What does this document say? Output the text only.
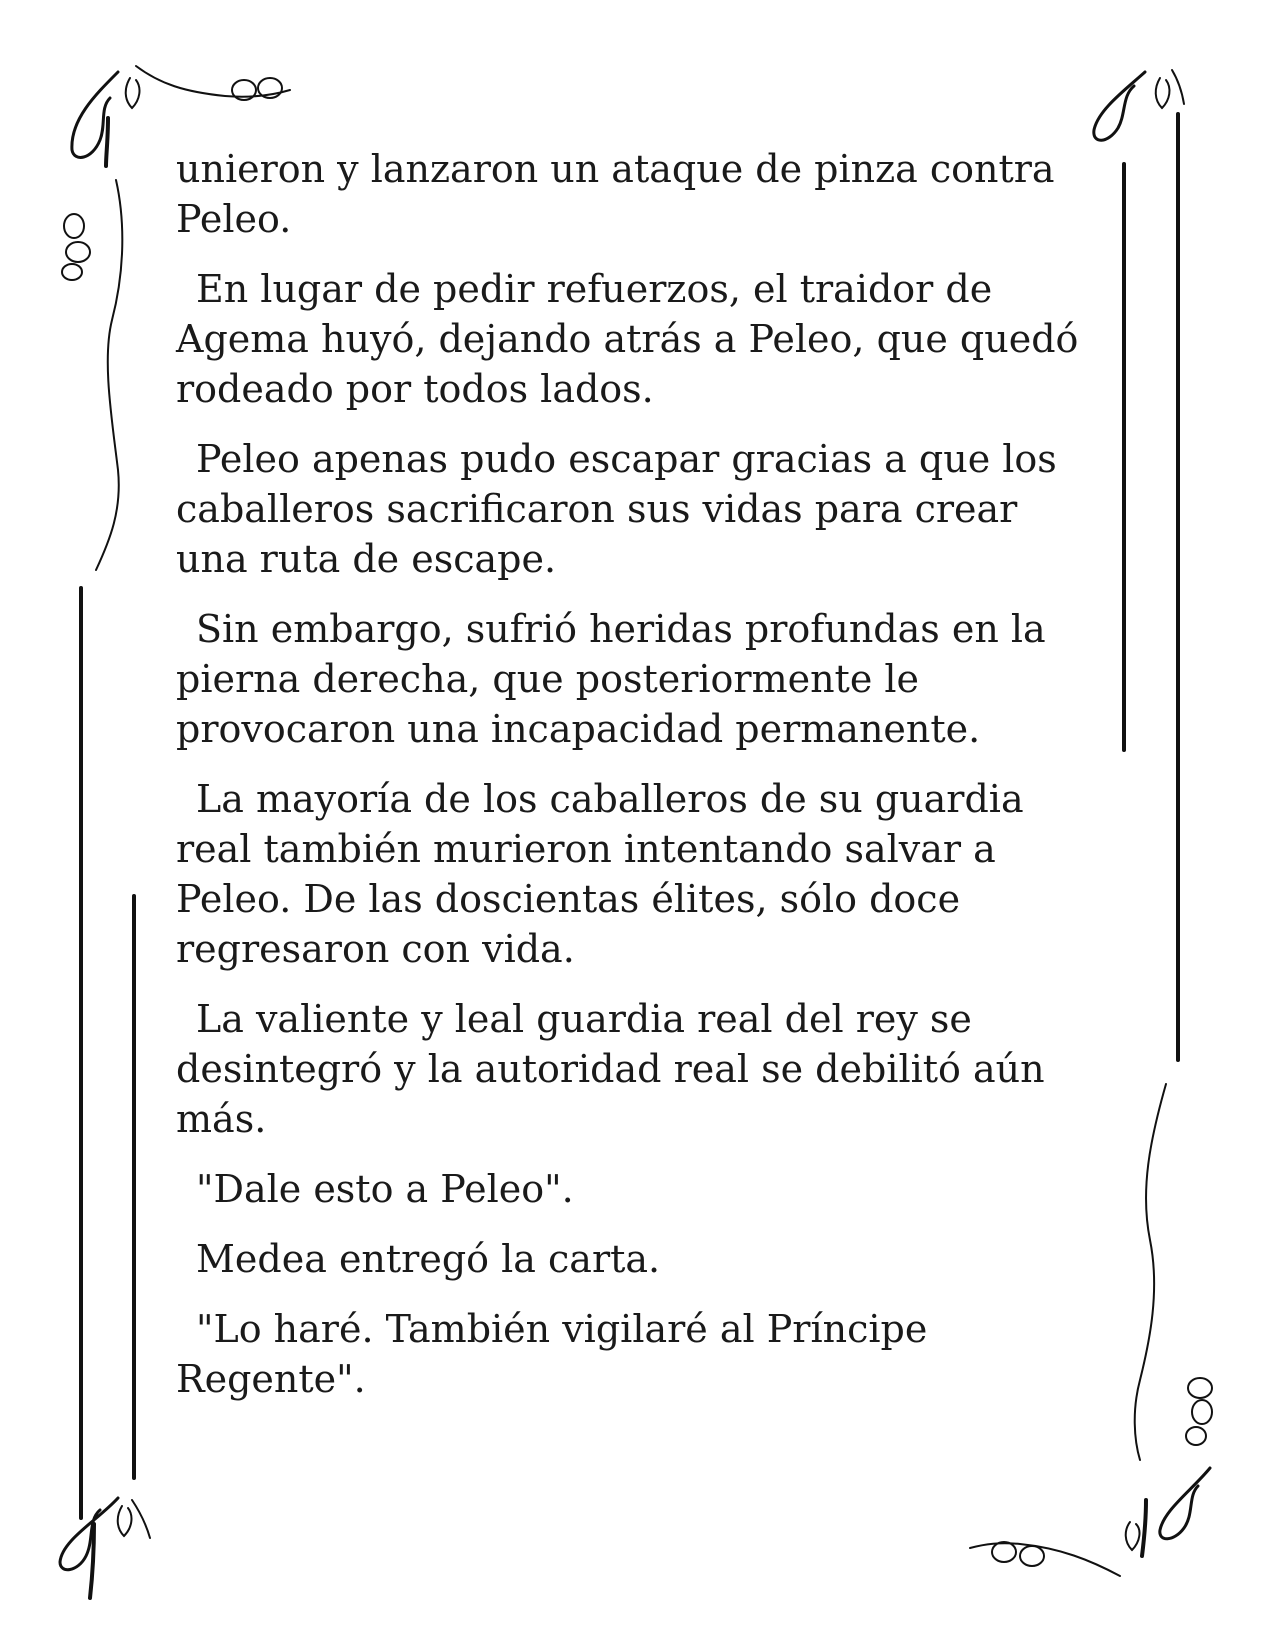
unieron y lanzaron un ataque de pinza contra Peleo.

En lugar de pedir refuerzos, el traidor de Agema huyó, dejando atrás a Peleo, que quedó rodeado por todos lados.

Peleo apenas pudo escapar gracias a que los caballeros sacrificaron sus vidas para crear una ruta de escape.

Sin embargo, sufrió heridas profundas en la pierna derecha, que posteriormente le provocaron una incapacidad permanente.

La mayoría de los caballeros de su guardia real también murieron intentando salvar a Peleo. De las doscientas élites, sólo doce regresaron con vida.

La valiente y leal guardia real del rey se desintegró y la autoridad real se debilitó aún más.

"Dale esto a Peleo".

Medea entregó la carta.

"Lo haré. También vigilaré al Príncipe Regente".
